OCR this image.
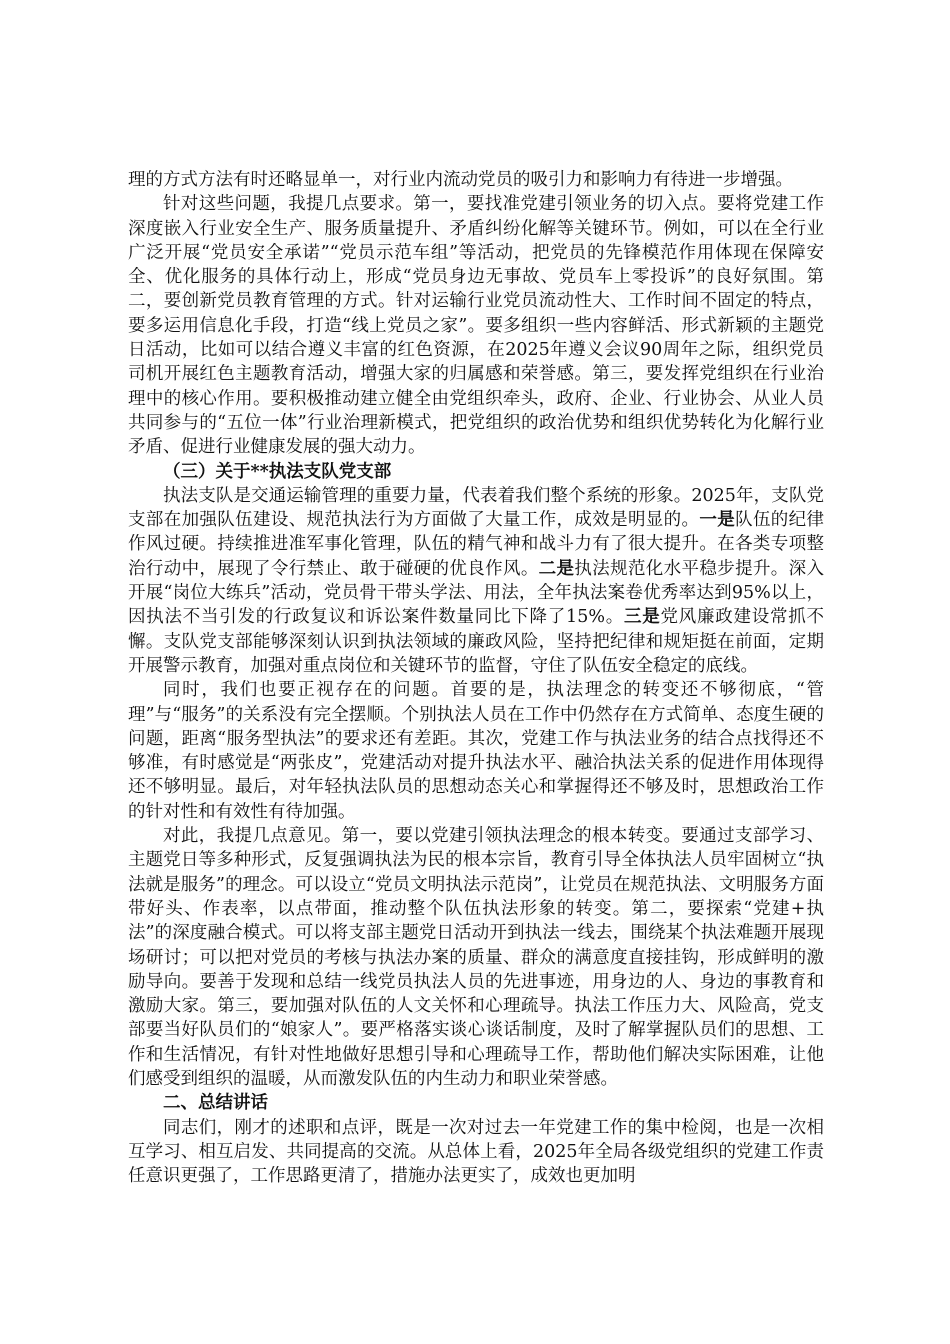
理的方式方法有时还略显单一，对行业内流动党员的吸引力和影响力有待进一步增强。

针对这些问题，我提几点要求。第一，要找准党建引领业务的切入点。要将党建工作深度嵌入行业安全生产、服务质量提升、矛盾纠纷化解等关键环节。例如，可以在全行业广泛开展“党员安全承诺”“党员示范车组”等活动，把党员的先锋模范作用体现在保障安全、优化服务的具体行动上，形成“党员身边无事故、党员车上零投诉”的良好氛围。第二，要创新党员教育管理的方式。针对运输行业党员流动性大、工作时间不固定的特点，要多运用信息化手段，打造“线上党员之家”。要多组织一些内容鲜活、形式新颖的主题党日活动，比如可以结合遵义丰富的红色资源，在2025年遵义会议90周年之际，组织党员司机开展红色主题教育活动，增强大家的归属感和荣誉感。第三，要发挥党组织在行业治理中的核心作用。要积极推动建立健全由党组织牵头，政府、企业、行业协会、从业人员共同参与的“五位一体”行业治理新模式，把党组织的政治优势和组织优势转化为化解行业矛盾、促进行业健康发展的强大动力。

（三）关于**执法支队党支部

执法支队是交通运输管理的重要力量，代表着我们整个系统的形象。2025年，支队党支部在加强队伍建设、规范执法行为方面做了大量工作，成效是明显的。一是队伍的纪律作风过硬。持续推进准军事化管理，队伍的精气神和战斗力有了很大提升。在各类专项整治行动中，展现了令行禁止、敢于碰硬的优良作风。二是执法规范化水平稳步提升。深入开展“岗位大练兵”活动，党员骨干带头学法、用法，全年执法案卷优秀率达到95%以上，因执法不当引发的行政复议和诉讼案件数量同比下降了15%。三是党风廉政建设常抓不懈。支队党支部能够深刻认识到执法领域的廉政风险，坚持把纪律和规矩挺在前面，定期开展警示教育，加强对重点岗位和关键环节的监督，守住了队伍安全稳定的底线。

同时，我们也要正视存在的问题。首要的是，执法理念的转变还不够彻底，“管理”与“服务”的关系没有完全摆顺。个别执法人员在工作中仍然存在方式简单、态度生硬的问题，距离“服务型执法”的要求还有差距。其次，党建工作与执法业务的结合点找得还不够准，有时感觉是“两张皮”，党建活动对提升执法水平、融洽执法关系的促进作用体现得还不够明显。最后，对年轻执法队员的思想动态关心和掌握得还不够及时，思想政治工作的针对性和有效性有待加强。

对此，我提几点意见。第一，要以党建引领执法理念的根本转变。要通过支部学习、主题党日等多种形式，反复强调执法为民的根本宗旨，教育引导全体执法人员牢固树立“执法就是服务”的理念。可以设立“党员文明执法示范岗”，让党员在规范执法、文明服务方面带好头、作表率，以点带面，推动整个队伍执法形象的转变。第二，要探索“党建+执法”的深度融合模式。可以将支部主题党日活动开到执法一线去，围绕某个执法难题开展现场研讨；可以把对党员的考核与执法办案的质量、群众的满意度直接挂钩，形成鲜明的激励导向。要善于发现和总结一线党员执法人员的先进事迹，用身边的人、身边的事教育和激励大家。第三，要加强对队伍的人文关怀和心理疏导。执法工作压力大、风险高，党支部要当好队员们的“娘家人”。要严格落实谈心谈话制度，及时了解掌握队员们的思想、工作和生活情况，有针对性地做好思想引导和心理疏导工作，帮助他们解决实际困难，让他们感受到组织的温暖，从而激发队伍的内生动力和职业荣誉感。

二、总结讲话

同志们，刚才的述职和点评，既是一次对过去一年党建工作的集中检阅，也是一次相互学习、相互启发、共同提高的交流。从总体上看，2025年全局各级党组织的党建工作责任意识更强了，工作思路更清了，措施办法更实了，成效也更加明
